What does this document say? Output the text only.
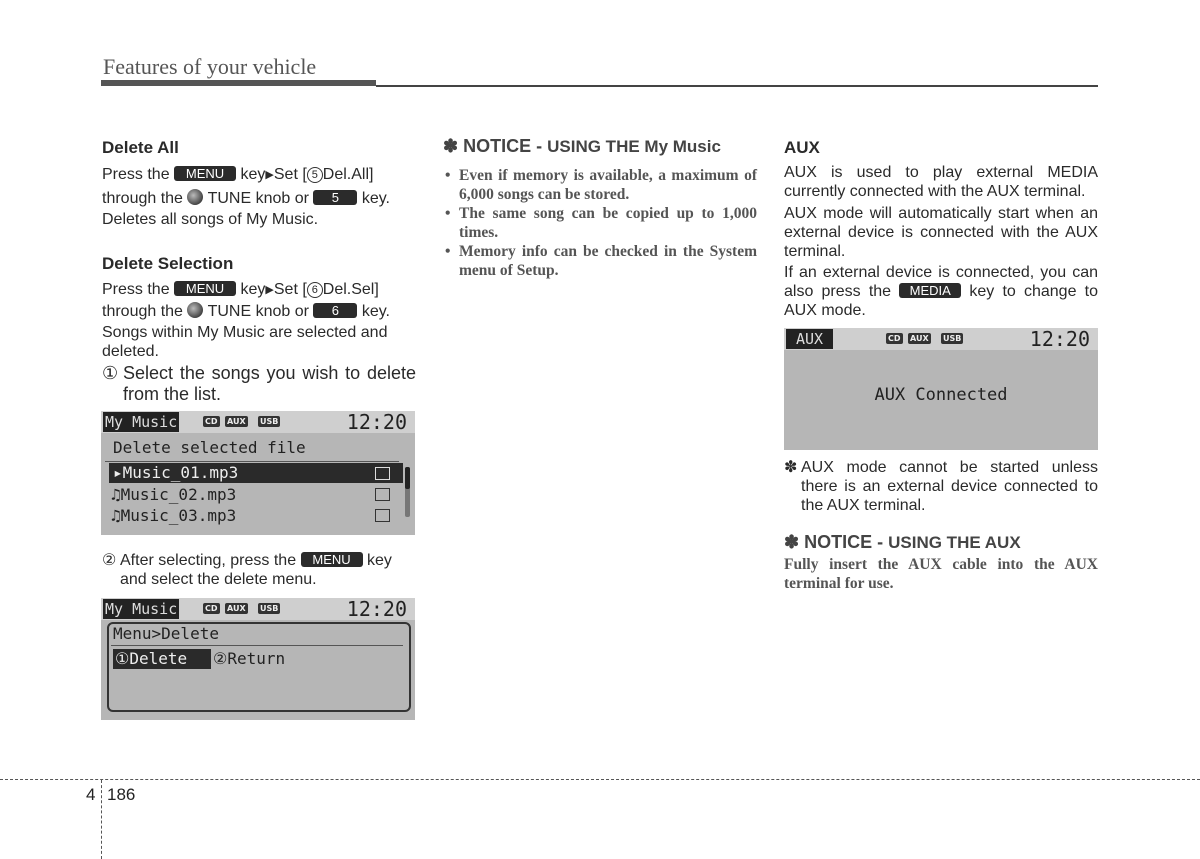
Features of your vehicle

Delete All

Press the MENU key▶Set [ 5 Del.All]

through the TUNE knob or 5 key.

Deletes all songs of My Music.

Delete Selection

Press the MENU key▶Set [ 6 Del.Sel]

through the TUNE knob or 6 key.

Songs within My Music are selected and deleted.

① Select the songs you wish to delete from the list.
My Music	CD AUX USB	12:20
Delete selected file
▸Music_01.mp3
♫Music_02.mp3
♫Music_03.mp3
② After selecting, press the MENU key
and select the delete menu.
My Music	CD AUX USB	12:20
Menu>Delete
①Delete	②Return
✽ NOTICE - USING THE My Music
• Even if memory is available, a maximum of 6,000 songs can be stored.
• The same song can be copied up to 1,000 times.
• Memory info can be checked in the System menu of Setup.

AUX

AUX is used to play external MEDIA currently connected with the AUX terminal.

AUX mode will automatically start when an external device is connected with the AUX terminal.

If an external device is connected, you can also press the MEDIA key to change to AUX mode.

AUX	CD AUX USB	12:20
AUX Connected
✽ AUX mode cannot be started unless there is an external device connected to the AUX terminal.
✽ NOTICE - USING THE AUX
Fully insert the AUX cable into the AUX terminal for use.
4 186
